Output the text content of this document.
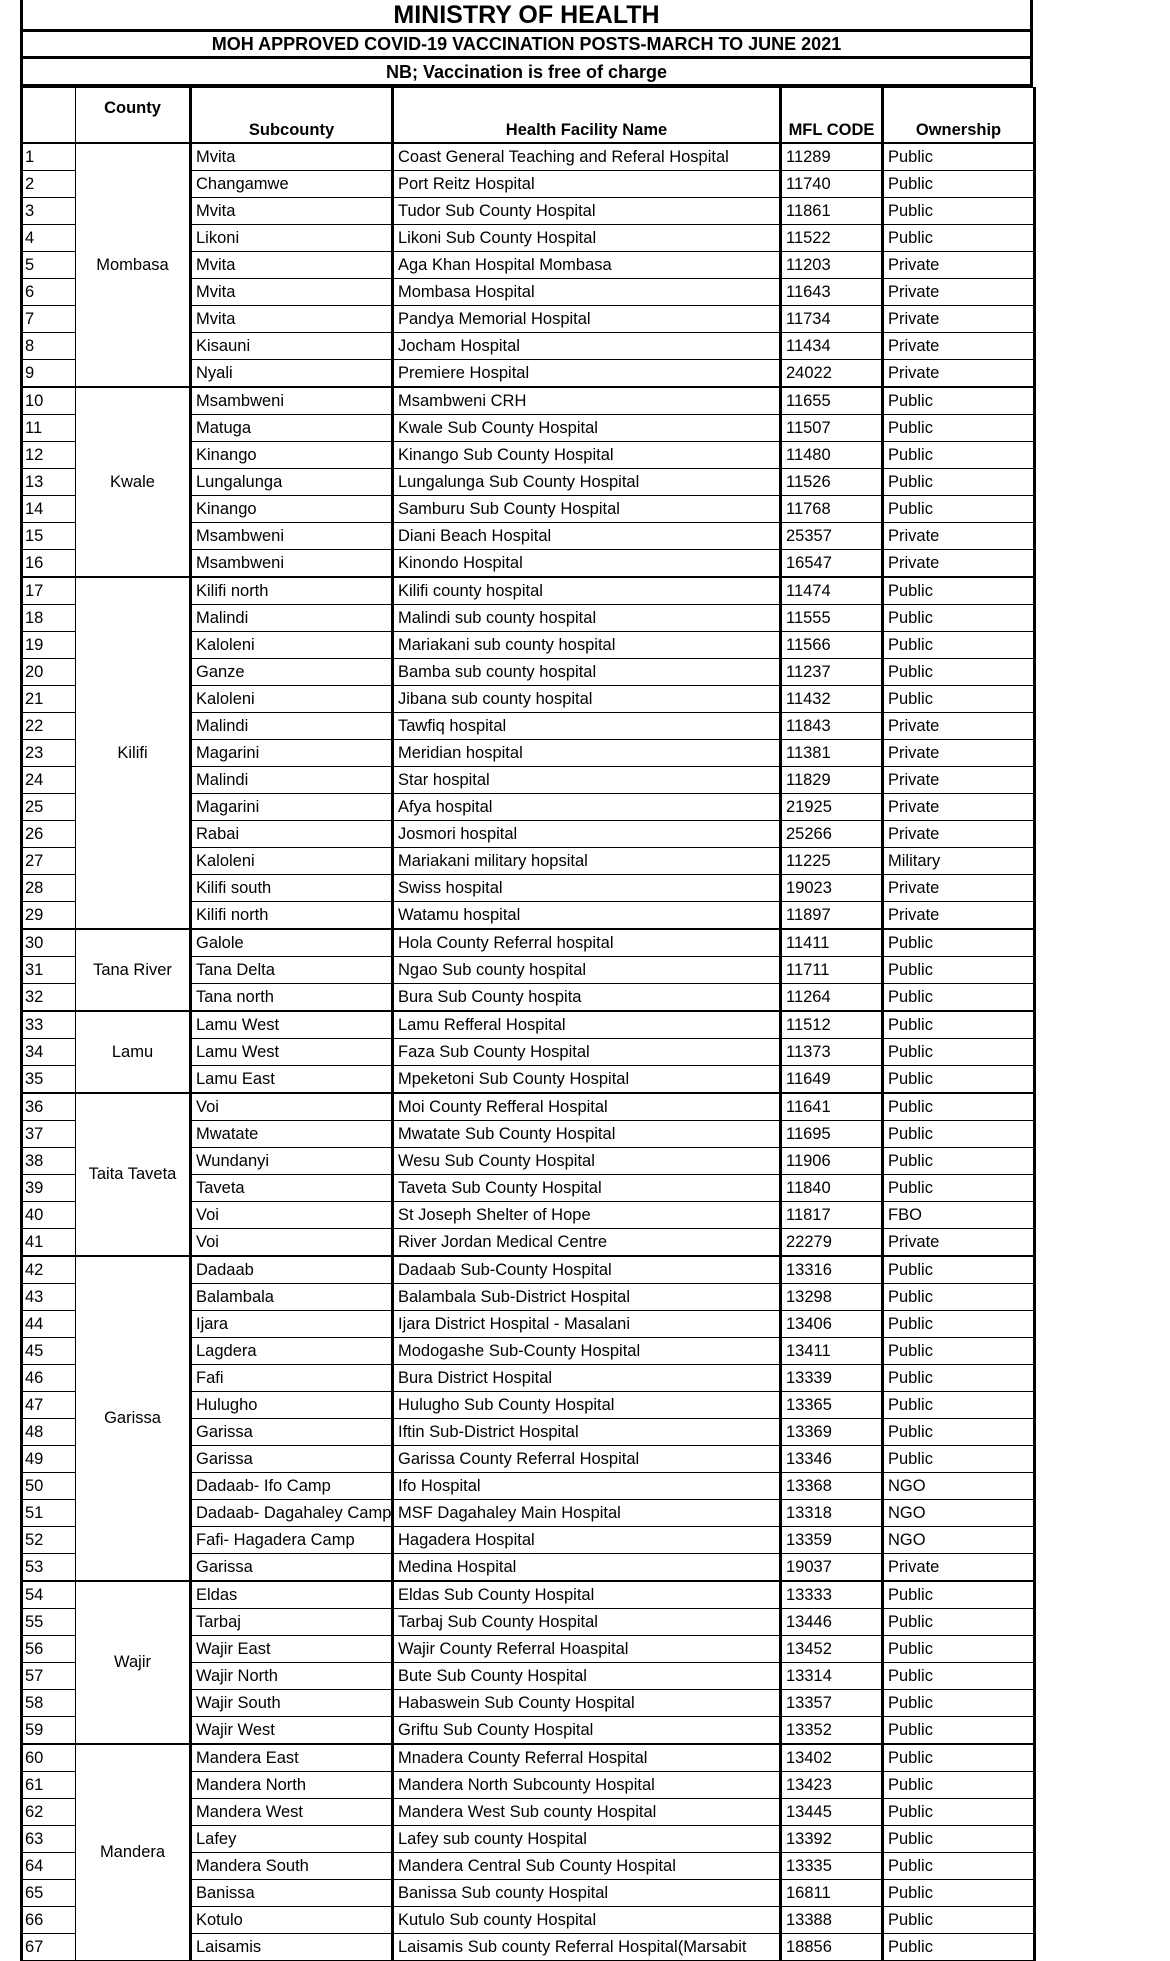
MINISTRY OF HEALTH
MOH APPROVED COVID-19 VACCINATION POSTS-MARCH TO JUNE 2021
NB; Vaccination is free of charge
	County	Subcounty	Health Facility Name	MFL CODE	Ownership
1	Mombasa	Mvita	Coast General Teaching and Referal Hospital	11289	Public
2		Changamwe	Port Reitz Hospital	11740	Public
3		Mvita	Tudor Sub County Hospital	11861	Public
4		Likoni	Likoni Sub County Hospital	11522	Public
5		Mvita	Aga Khan Hospital Mombasa	11203	Private
6		Mvita	Mombasa Hospital	11643	Private
7		Mvita	Pandya Memorial Hospital	11734	Private
8		Kisauni	Jocham Hospital	11434	Private
9		Nyali	Premiere Hospital	24022	Private
10	Kwale	Msambweni	Msambweni CRH	11655	Public
11		Matuga	Kwale Sub County Hospital	11507	Public
12		Kinango	Kinango Sub County Hospital	11480	Public
13		Lungalunga	Lungalunga Sub County Hospital	11526	Public
14		Kinango	Samburu Sub County Hospital	11768	Public
15		Msambweni	Diani Beach Hospital	25357	Private
16		Msambweni	Kinondo Hospital	16547	Private
17	Kilifi	Kilifi north	Kilifi county hospital	11474	Public
18		Malindi	Malindi sub county hospital	11555	Public
19		Kaloleni	Mariakani sub county hospital	11566	Public
20		Ganze	Bamba sub county hospital	11237	Public
21		Kaloleni	Jibana sub county hospital	11432	Public
22		Malindi	Tawfiq hospital	11843	Private
23		Magarini	Meridian hospital	11381	Private
24		Malindi	Star hospital	11829	Private
25		Magarini	Afya hospital	21925	Private
26		Rabai	Josmori hospital	25266	Private
27		Kaloleni	Mariakani military hopsital	11225	Military
28		Kilifi south	Swiss hospital	19023	Private
29		Kilifi north	Watamu hospital	11897	Private
30	Tana River	Galole	Hola County Referral hospital	11411	Public
31		Tana Delta	Ngao Sub county hospital	11711	Public
32		Tana north	Bura Sub County hospita	11264	Public
33	Lamu	Lamu West	Lamu Refferal Hospital	11512	Public
34		Lamu West	Faza Sub County Hospital	11373	Public
35		Lamu East	Mpeketoni Sub County Hospital	11649	Public
36	Taita Taveta	Voi	Moi County Refferal Hospital	11641	Public
37		Mwatate	Mwatate Sub County Hospital	11695	Public
38		Wundanyi	Wesu Sub County Hospital	11906	Public
39		Taveta	Taveta Sub County Hospital	11840	Public
40		Voi	St Joseph Shelter of Hope	11817	FBO
41		Voi	River Jordan Medical Centre	22279	Private
42	Garissa	Dadaab	Dadaab Sub-County Hospital	13316	Public
43		Balambala	Balambala Sub-District Hospital	13298	Public
44		Ijara	Ijara District Hospital - Masalani	13406	Public
45		Lagdera	Modogashe Sub-County Hospital	13411	Public
46		Fafi	Bura District Hospital	13339	Public
47		Hulugho	Hulugho Sub County Hospital	13365	Public
48		Garissa	Iftin Sub-District Hospital	13369	Public
49		Garissa	Garissa County Referral Hospital	13346	Public
50		Dadaab- Ifo Camp	Ifo Hospital	13368	NGO
51		Dadaab- Dagahaley Camp	MSF Dagahaley Main Hospital	13318	NGO
52		Fafi- Hagadera Camp	Hagadera Hospital	13359	NGO
53		Garissa	Medina Hospital	19037	Private
54	Wajir	Eldas	Eldas Sub County Hospital	13333	Public
55		Tarbaj	Tarbaj Sub County Hospital	13446	Public
56		Wajir East	Wajir County Referral Hoaspital	13452	Public
57		Wajir North	Bute Sub County Hospital	13314	Public
58		Wajir South	Habaswein Sub County Hospital	13357	Public
59		Wajir West	Griftu Sub County Hospital	13352	Public
60	Mandera	Mandera East	Mnadera County Referral Hospital	13402	Public
61		Mandera North	Mandera North Subcounty Hospital	13423	Public
62		Mandera West	Mandera West Sub county Hospital	13445	Public
63		Lafey	Lafey sub county Hospital	13392	Public
64		Mandera South	Mandera Central Sub County Hospital	13335	Public
65		Banissa	Banissa Sub county Hospital	16811	Public
66		Kotulo	Kutulo Sub county Hospital	13388	Public
67		Laisamis	Laisamis Sub county Referral Hospital(Marsabit	18856	Public
